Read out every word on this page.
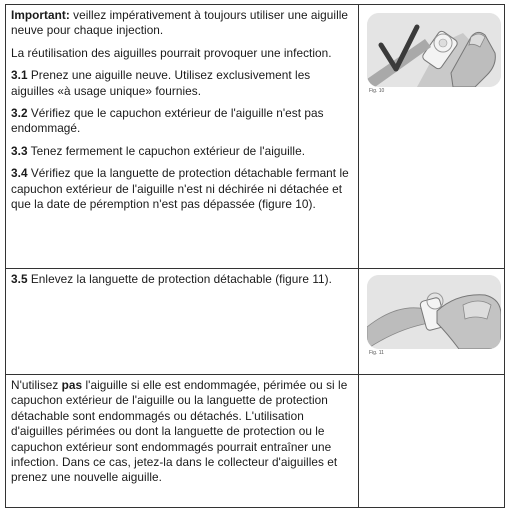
Important: veillez impérativement à toujours utiliser une aiguille neuve pour chaque injection.

La réutilisation des aiguilles pourrait provoquer une infection.

3.1 Prenez une aiguille neuve. Utilisez exclusivement les aiguilles «à usage unique» fournies.

3.2 Vérifiez que le capuchon extérieur de l'aiguille n'est pas endommagé.

3.3 Tenez fermement le capuchon extérieur de l'aiguille.

3.4 Vérifiez que la languette de protection détachable fermant le capuchon extérieur de l'aiguille n'est ni déchirée ni détachée et que la date de péremption n'est pas dépassée (figure 10).

Fig. 10

3.5 Enlevez la languette de protection détachable (figure 11).

Fig. 11

N'utilisez pas l'aiguille si elle est endommagée, périmée ou si le capuchon extérieur de l'aiguille ou la languette de protection détachable sont endommagés ou détachés. L'utilisation d'aiguilles périmées ou dont la languette de protection ou le capuchon extérieur sont endommagés pourrait entraîner une infection. Dans ce cas, jetez-la dans le collecteur d'aiguilles et prenez une nouvelle aiguille.
